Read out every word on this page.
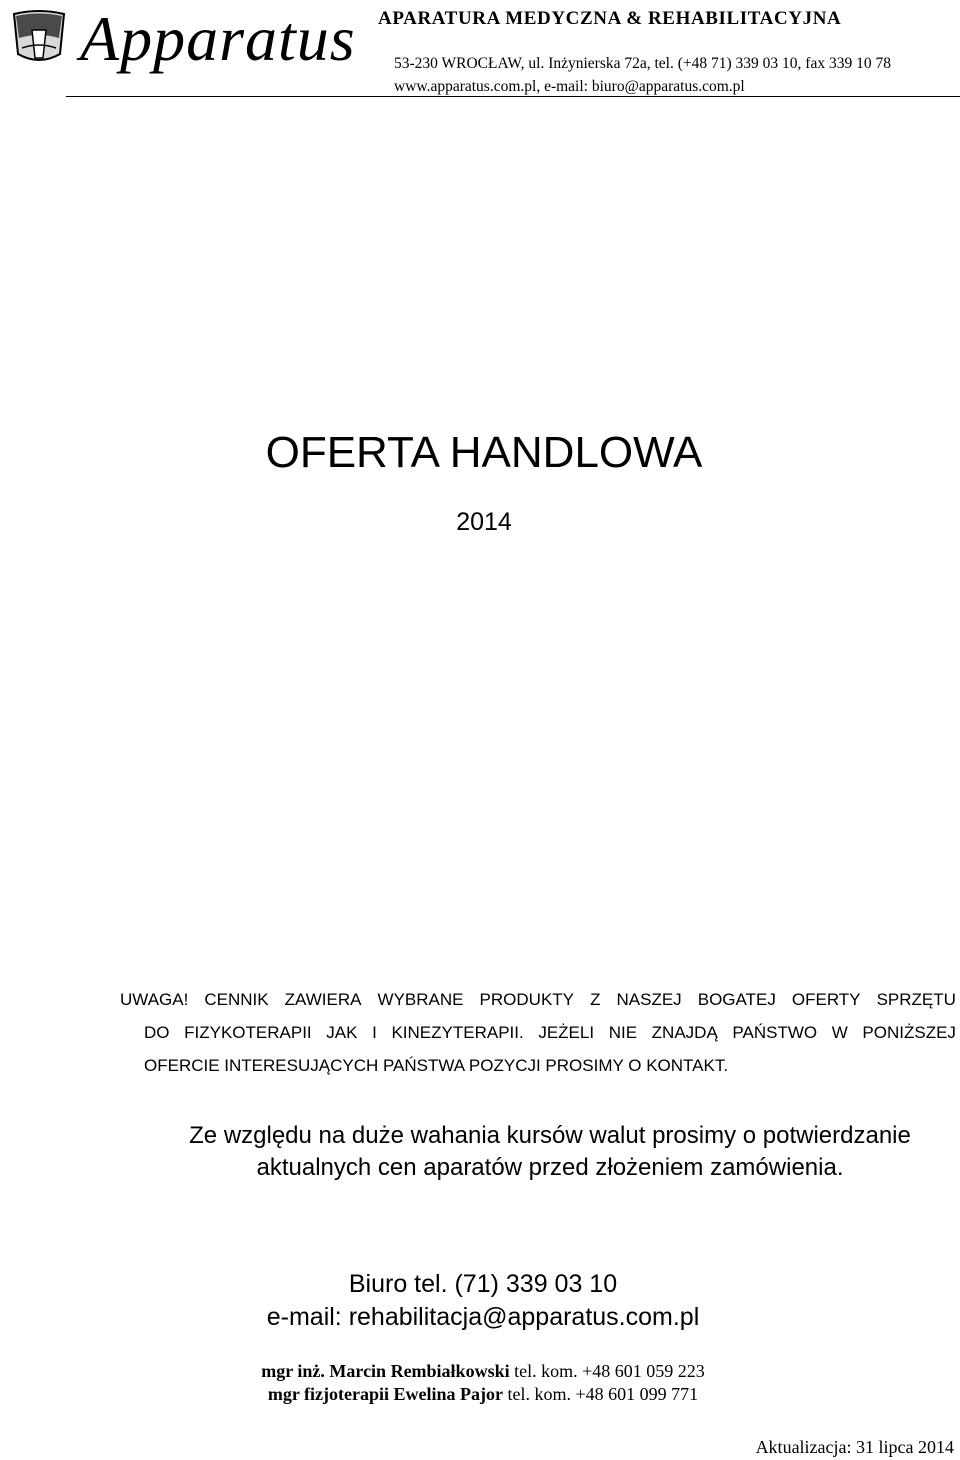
Apparatus APARATURA MEDYCZNA & REHABILITACYJNA
53-230 WROCŁAW, ul. Inżynierska 72a, tel. (+48 71) 339 03 10, fax 339 10 78
www.apparatus.com.pl, e-mail: biuro@apparatus.com.pl
OFERTA HANDLOWA
2014
UWAGA! CENNIK ZAWIERA WYBRANE PRODUKTY Z NASZEJ BOGATEJ OFERTY SPRZĘTU
DO FIZYKOTERAPII JAK I KINEZYTERAPII. JEŻELI NIE ZNAJDĄ PAŃSTWO W PONIŻSZEJ
OFERCIE INTERESUJĄCYCH PAŃSTWA POZYCJI PROSIMY O KONTAKT.
Ze względu na duże wahania kursów walut prosimy o potwierdzanie
aktualnych cen aparatów przed złożeniem zamówienia.
Biuro tel. (71) 339 03 10
e-mail: rehabilitacja@apparatus.com.pl
mgr inż. Marcin Rembiałkowski tel. kom. +48 601 059 223
mgr fizjoterapii Ewelina Pajor tel. kom. +48 601 099 771
Aktualizacja: 31 lipca 2014
